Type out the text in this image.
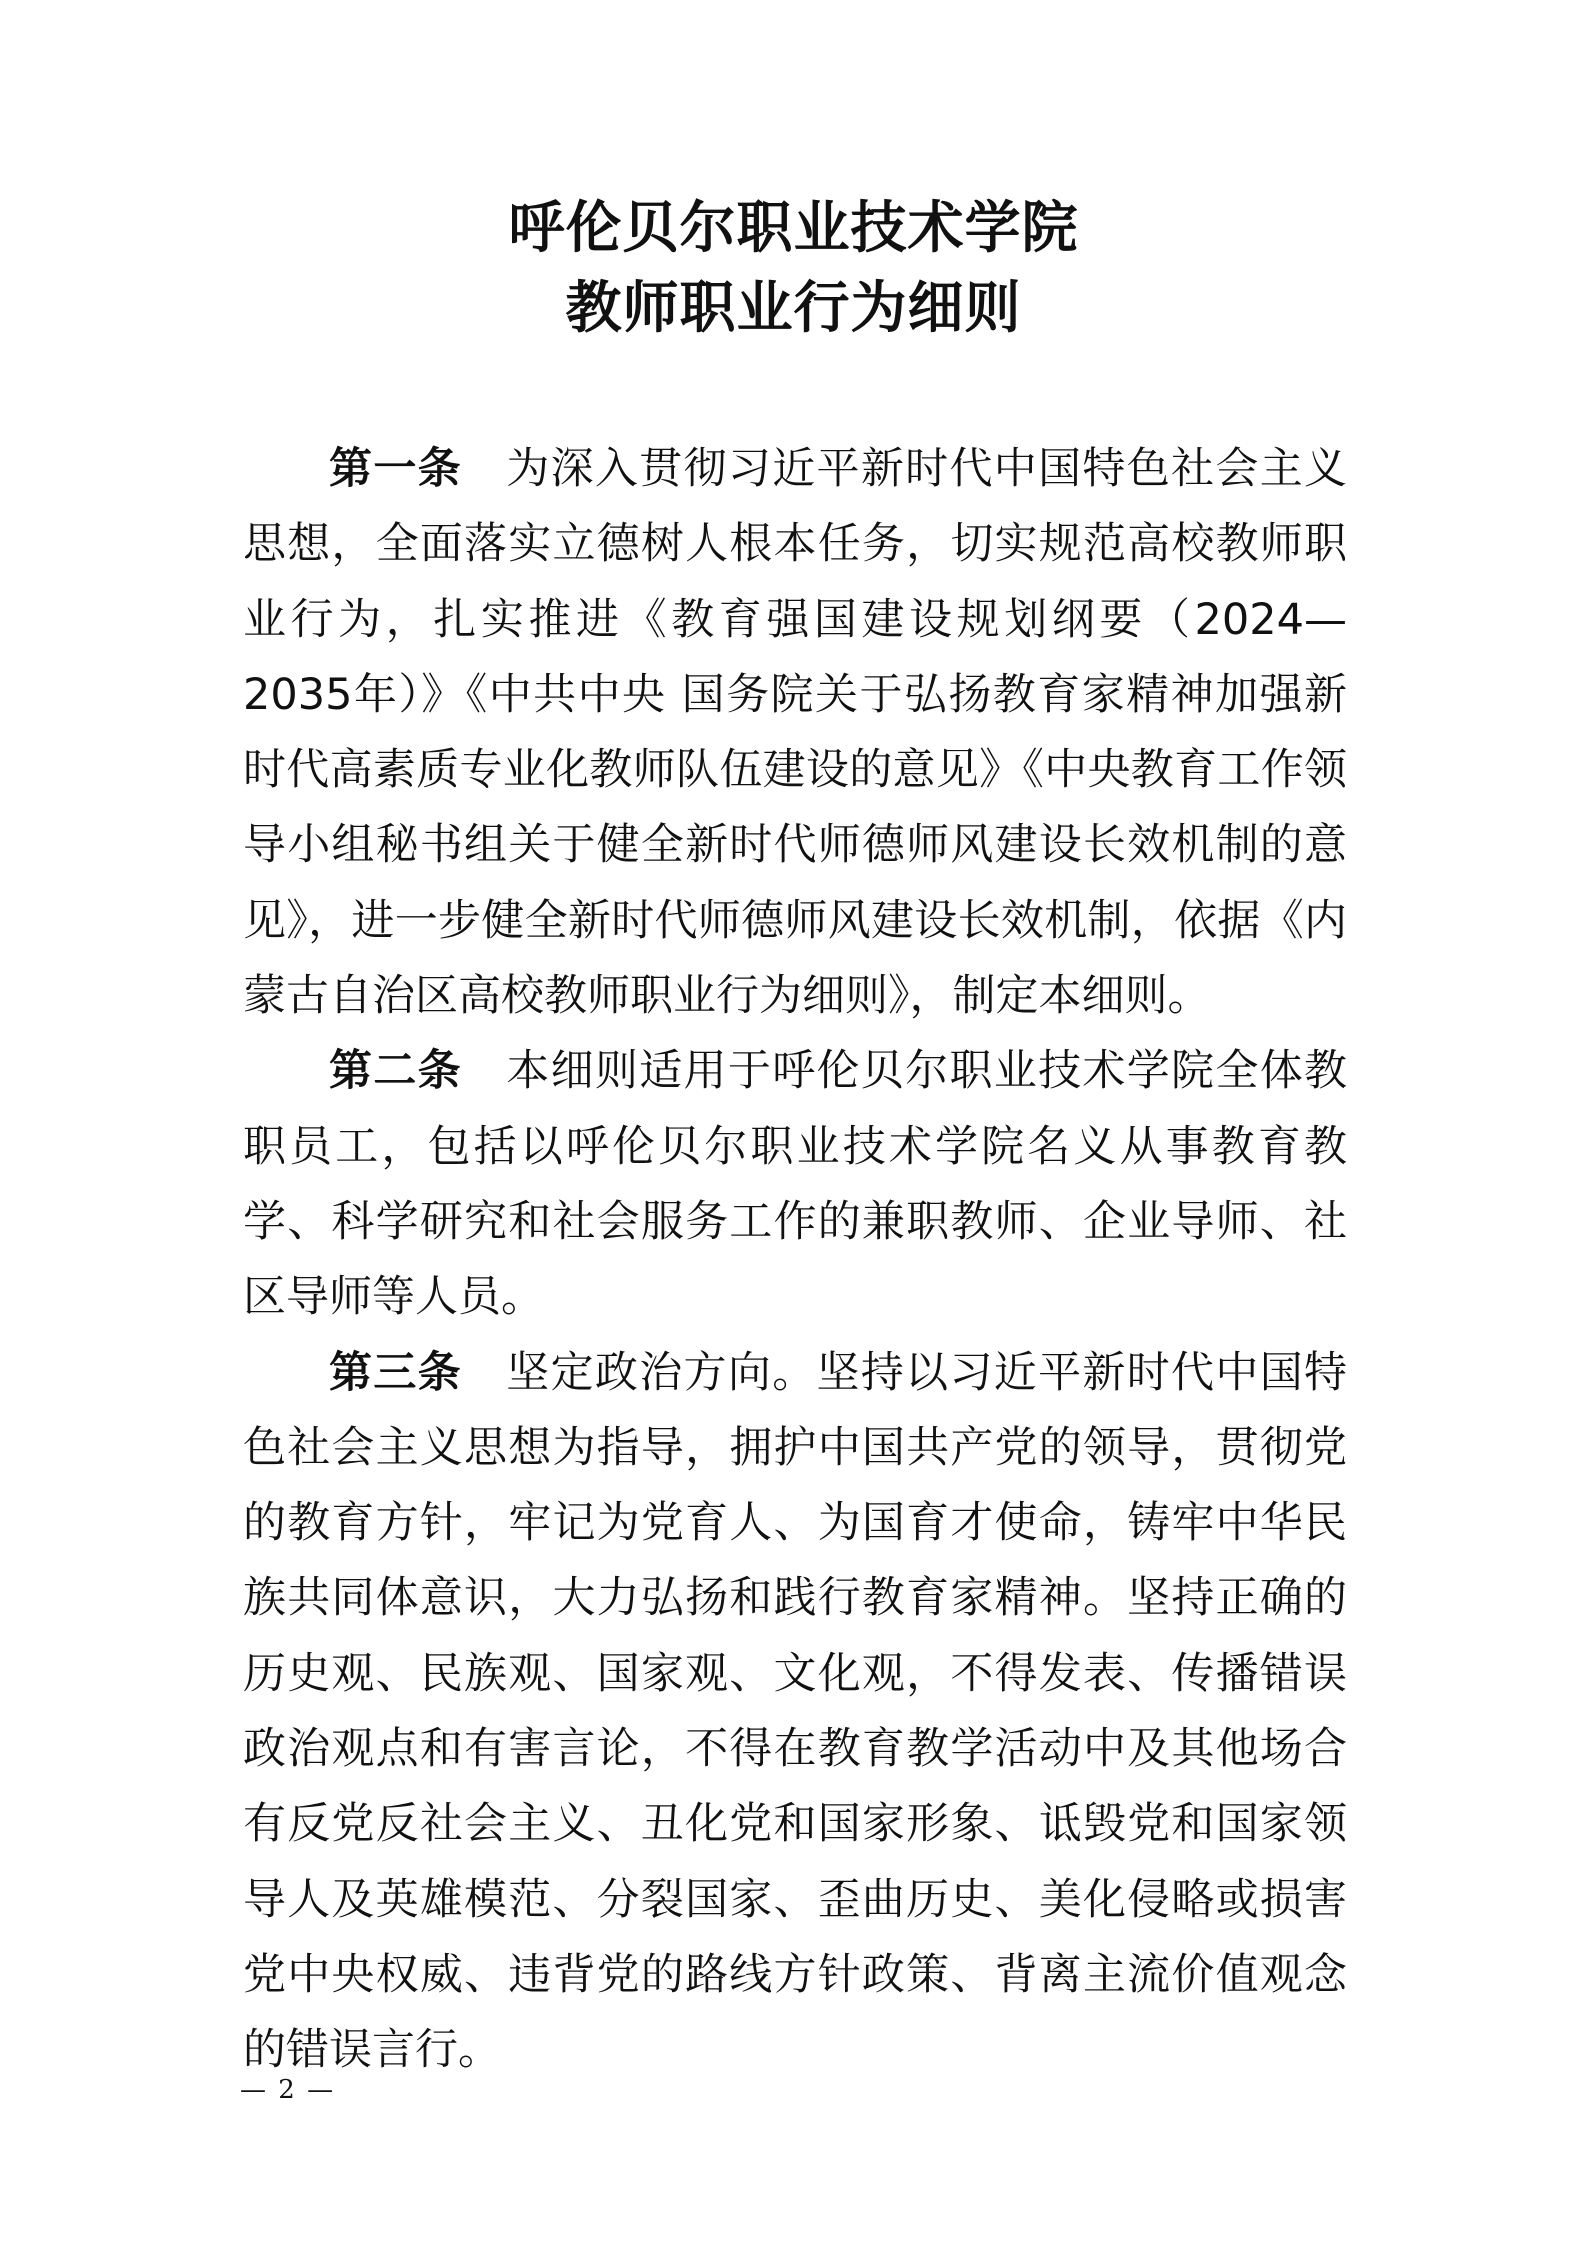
呼伦贝尔职业技术学院
教师职业行为细则

第一条  为深入贯彻习近平新时代中国特色社会主义思想，全面落实立德树人根本任务，切实规范高校教师职业行为，扎实推进《教育强国建设规划纲要（2024—2035年）》《中共中央 国务院关于弘扬教育家精神加强新时代高素质专业化教师队伍建设的意见》《中央教育工作领导小组秘书组关于健全新时代师德师风建设长效机制的意见》，进一步健全新时代师德师风建设长效机制，依据《内蒙古自治区高校教师职业行为细则》，制定本细则。

第二条  本细则适用于呼伦贝尔职业技术学院全体教职员工，包括以呼伦贝尔职业技术学院名义从事教育教学、科学研究和社会服务工作的兼职教师、企业导师、社区导师等人员。

第三条  坚定政治方向。坚持以习近平新时代中国特色社会主义思想为指导，拥护中国共产党的领导，贯彻党的教育方针，牢记为党育人、为国育才使命，铸牢中华民族共同体意识，大力弘扬和践行教育家精神。坚持正确的历史观、民族观、国家观、文化观，不得发表、传播错误政治观点和有害言论，不得在教育教学活动中及其他场合有反党反社会主义、丑化党和国家形象、诋毁党和国家领导人及英雄模范、分裂国家、歪曲历史、美化侵略或损害党中央权威、违背党的路线方针政策、背离主流价值观念的错误言行。

— 2 —
